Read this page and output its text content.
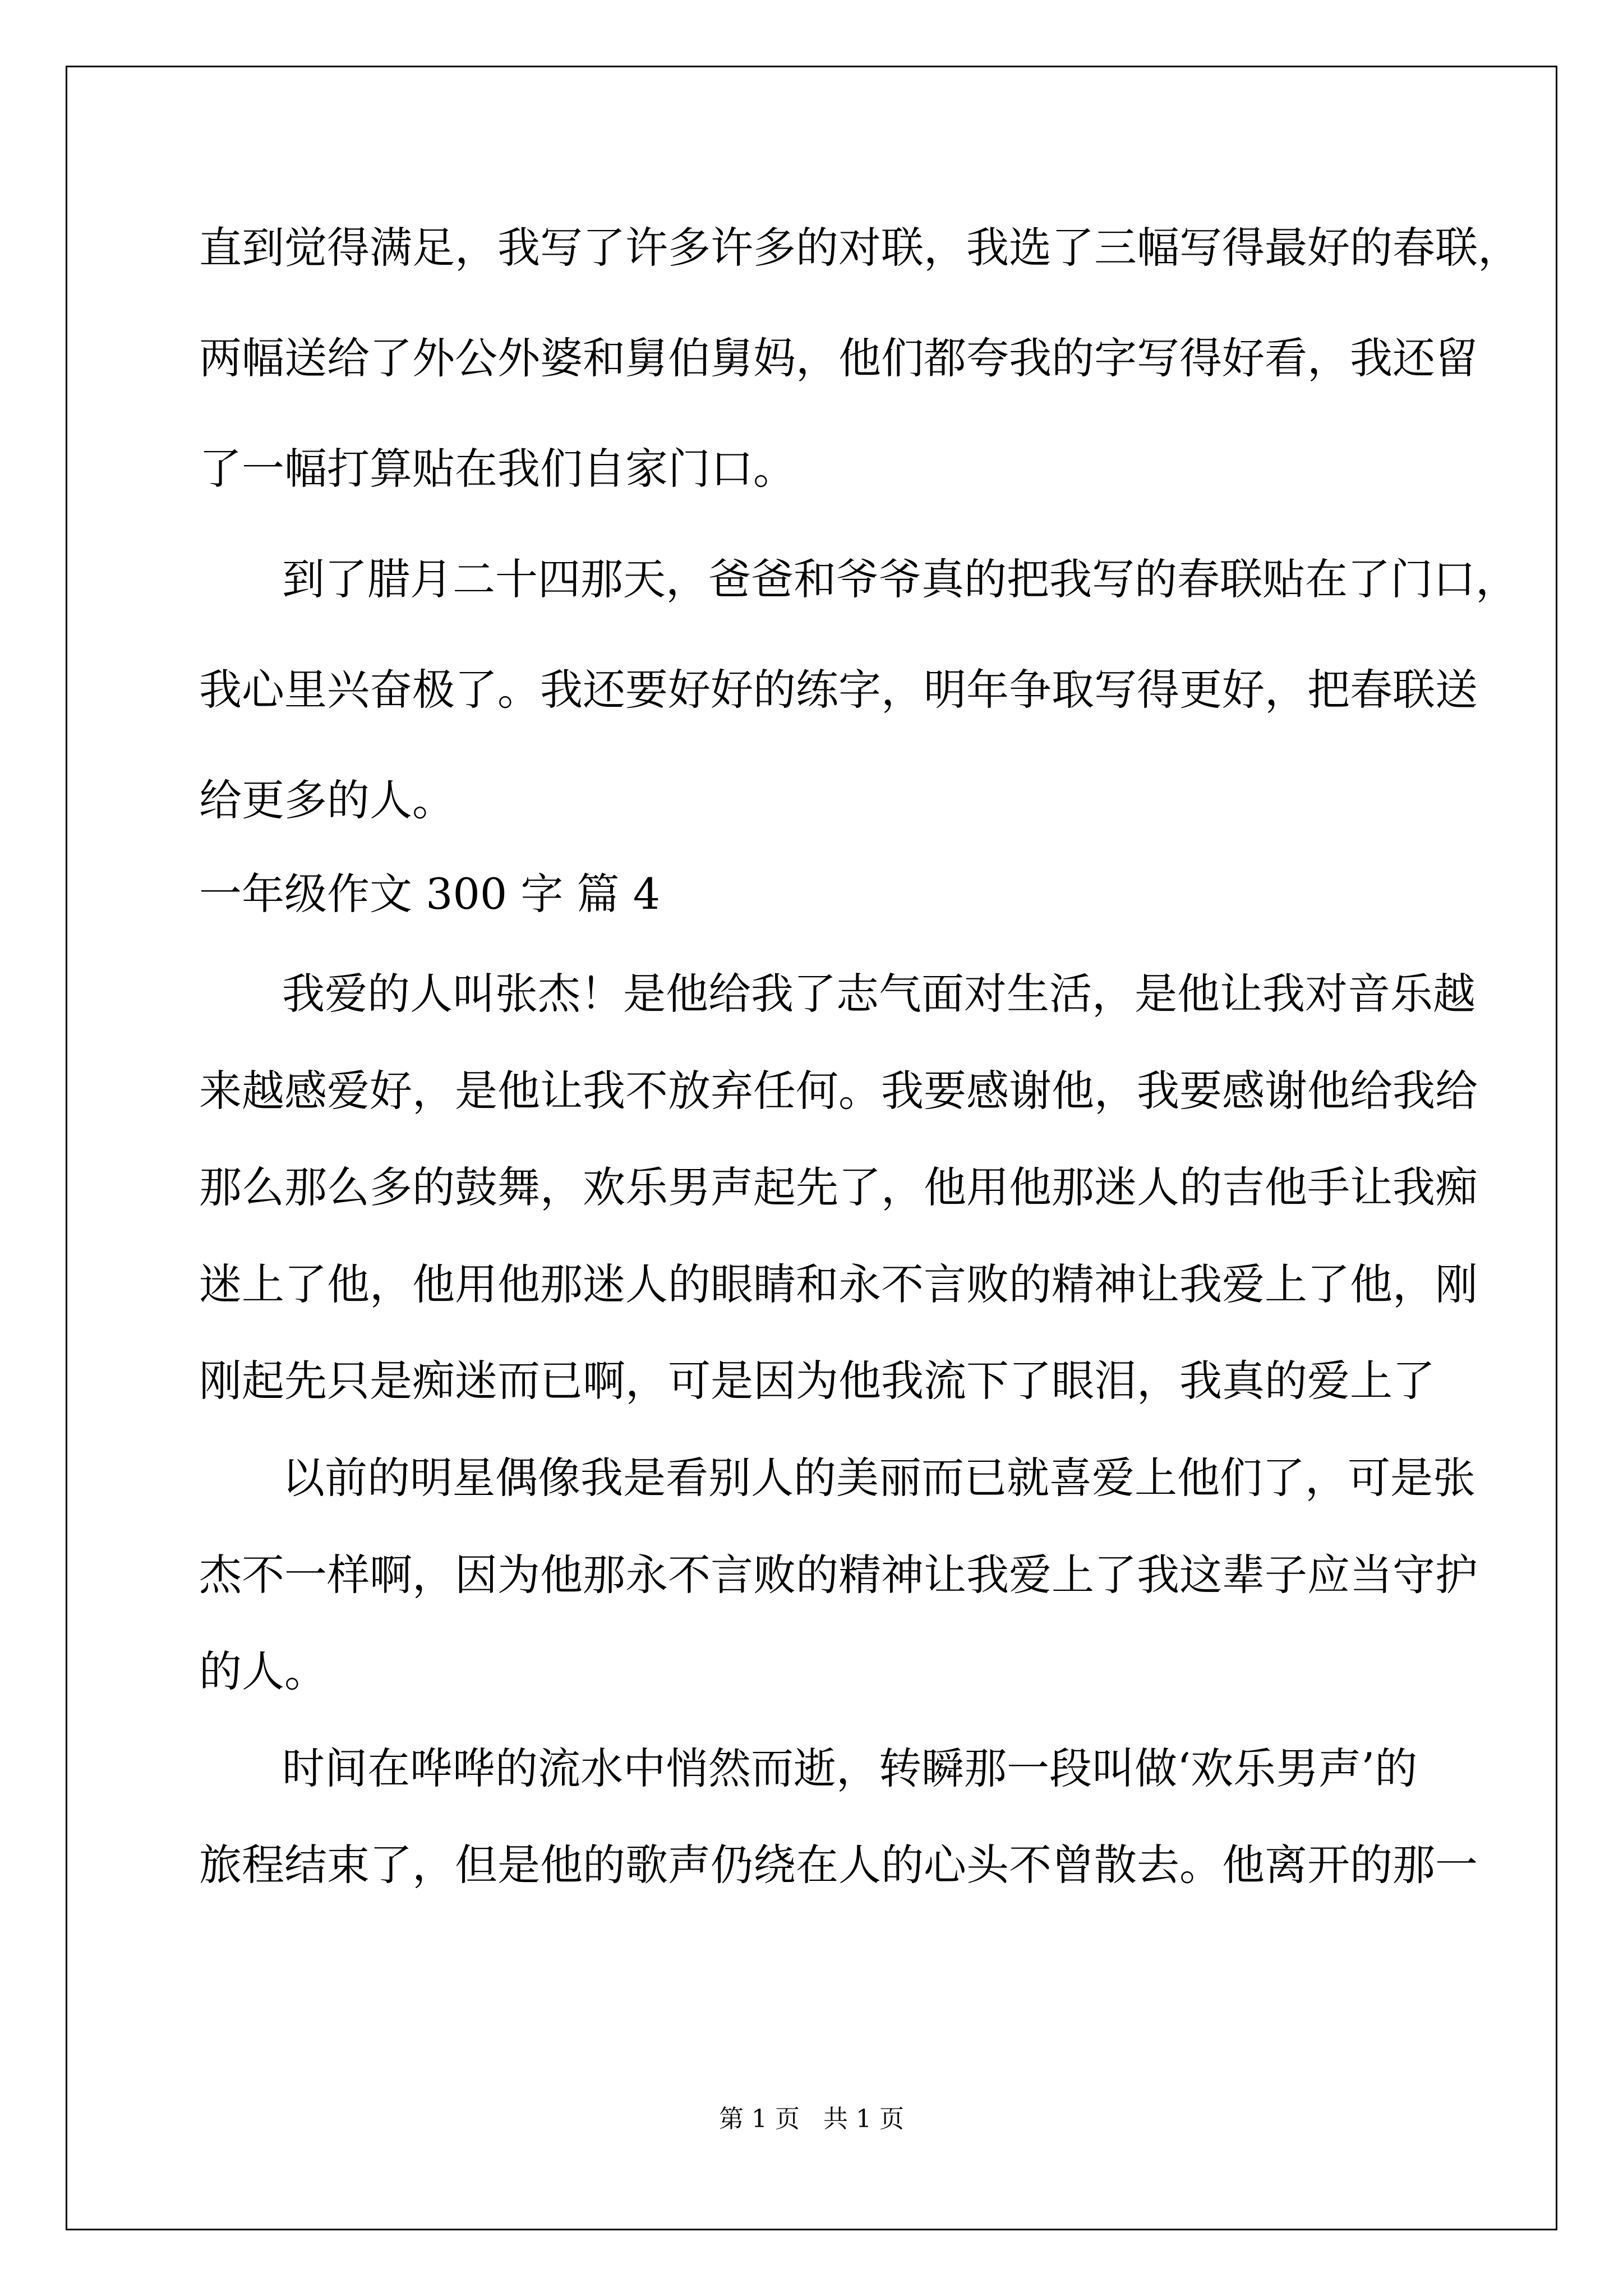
直到觉得满足，我写了许多许多的对联，我选了三幅写得最好的春联，

两幅送给了外公外婆和舅伯舅妈，他们都夸我的字写得好看，我还留

了一幅打算贴在我们自家门口。

到了腊月二十四那天，爸爸和爷爷真的把我写的春联贴在了门口，

我心里兴奋极了。我还要好好的练字，明年争取写得更好，把春联送

给更多的人。

一年级作文 300 字 篇 4

我爱的人叫张杰！是他给我了志气面对生活，是他让我对音乐越

来越感爱好，是他让我不放弃任何。我要感谢他，我要感谢他给我给

那么那么多的鼓舞，欢乐男声起先了，他用他那迷人的吉他手让我痴

迷上了他，他用他那迷人的眼睛和永不言败的精神让我爱上了他，刚

刚起先只是痴迷而已啊，可是因为他我流下了眼泪，我真的爱上了

以前的明星偶像我是看别人的美丽而已就喜爱上他们了，可是张

杰不一样啊，因为他那永不言败的精神让我爱上了我这辈子应当守护

的人。

时间在哗哗的流水中悄然而逝，转瞬那一段叫做‘欢乐男声’的

旅程结束了，但是他的歌声仍绕在人的心头不曾散去。他离开的那一

第 1 页   共 1 页
